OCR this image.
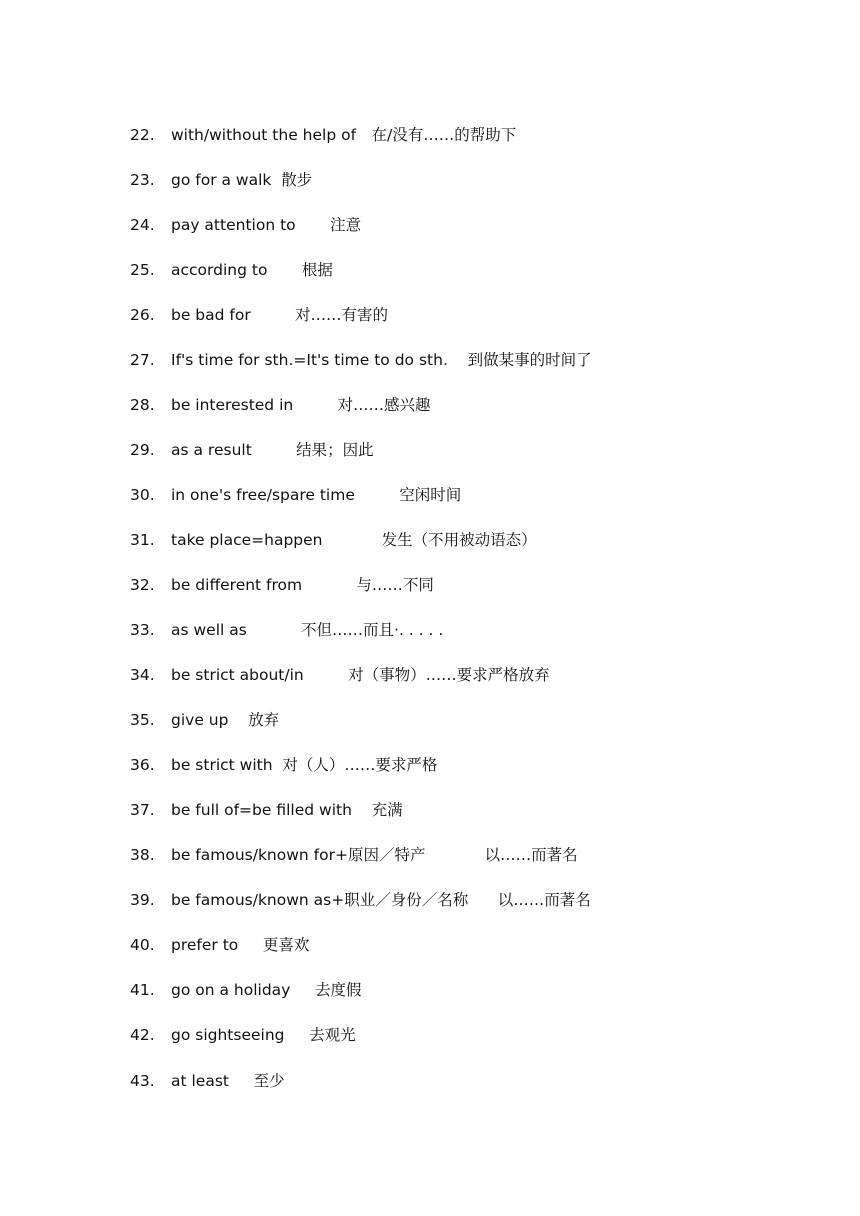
22.	with/without the help of　在/没有……的帮助下
23.	go for a walk  散步
24.	pay attention to       注意
25.	according to       根据
26.	be bad for         对……有害的
27.	If's time for sth.=It's time to do sth.    到做某事的时间了
28.	be interested in         对……感兴趣
29.	as a result         结果；因此
30.	in one's free/spare time         空闲时间
31.	take place=happen            发生（不用被动语态）
32.	be different from           与……不同
33.	as well as           不但……而且·. . . . .
34.	be strict about/in         对（事物）……要求严格放弃
35.	give up    放弃
36.	be strict with  对（人）……要求严格
37.	be full of=be filled with    充满
38.	be famous/known for+原因／特产            以……而著名
39.	be famous/known as+职业／身份／名称      以……而著名
40.	prefer to     更喜欢
41.	go on a holiday     去度假
42.	go sightseeing     去观光
43.	at least     至少
